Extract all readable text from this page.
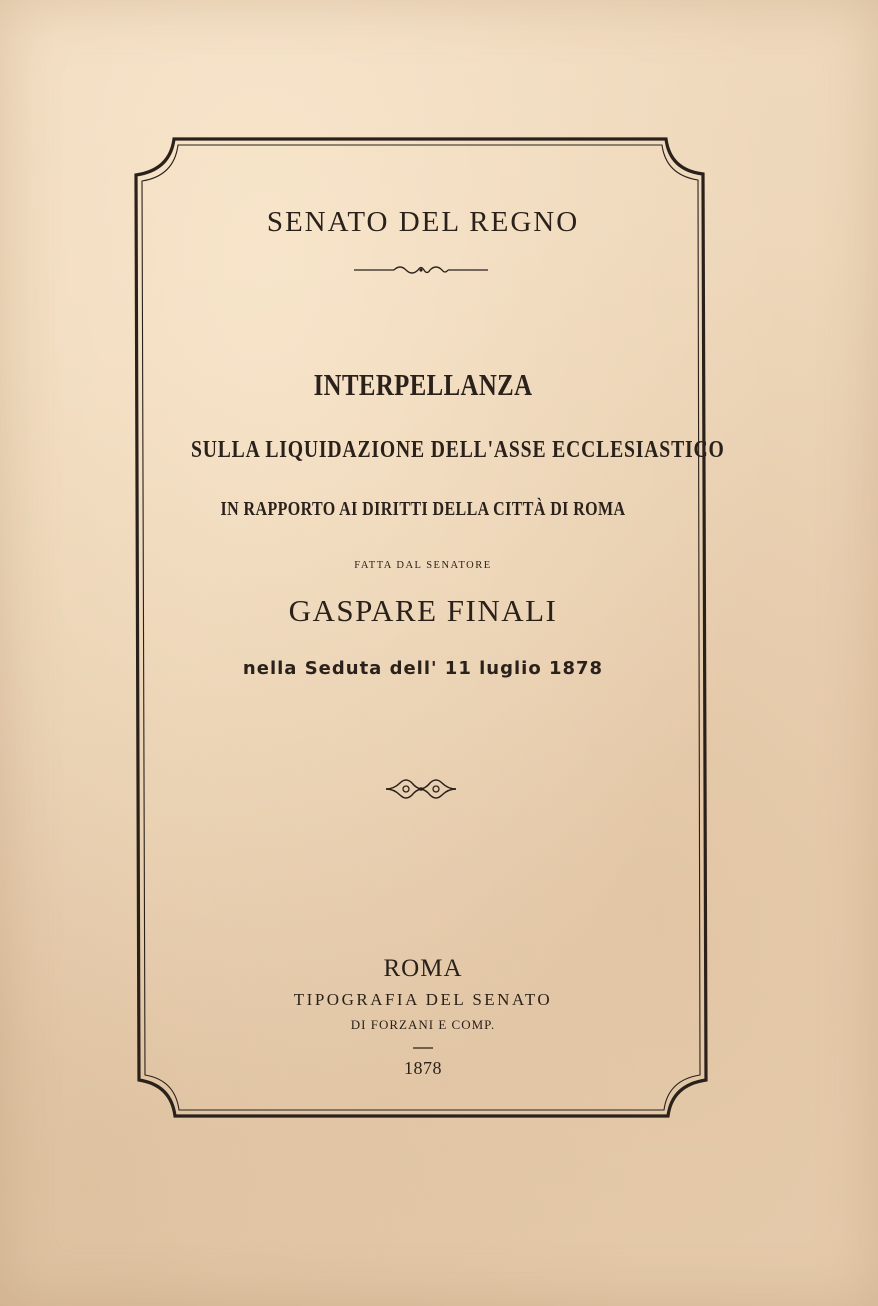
SENATO DEL REGNO
INTERPELLANZA
SULLA LIQUIDAZIONE DELL'ASSE ECCLESIASTICO
IN RAPPORTO AI DIRITTI DELLA CITTÀ DI ROMA
FATTA DAL SENATORE
GASPARE FINALI
nella Seduta dell' 11 luglio 1878
ROMA
TIPOGRAFIA DEL SENATO
DI FORZANI E COMP.
1878
